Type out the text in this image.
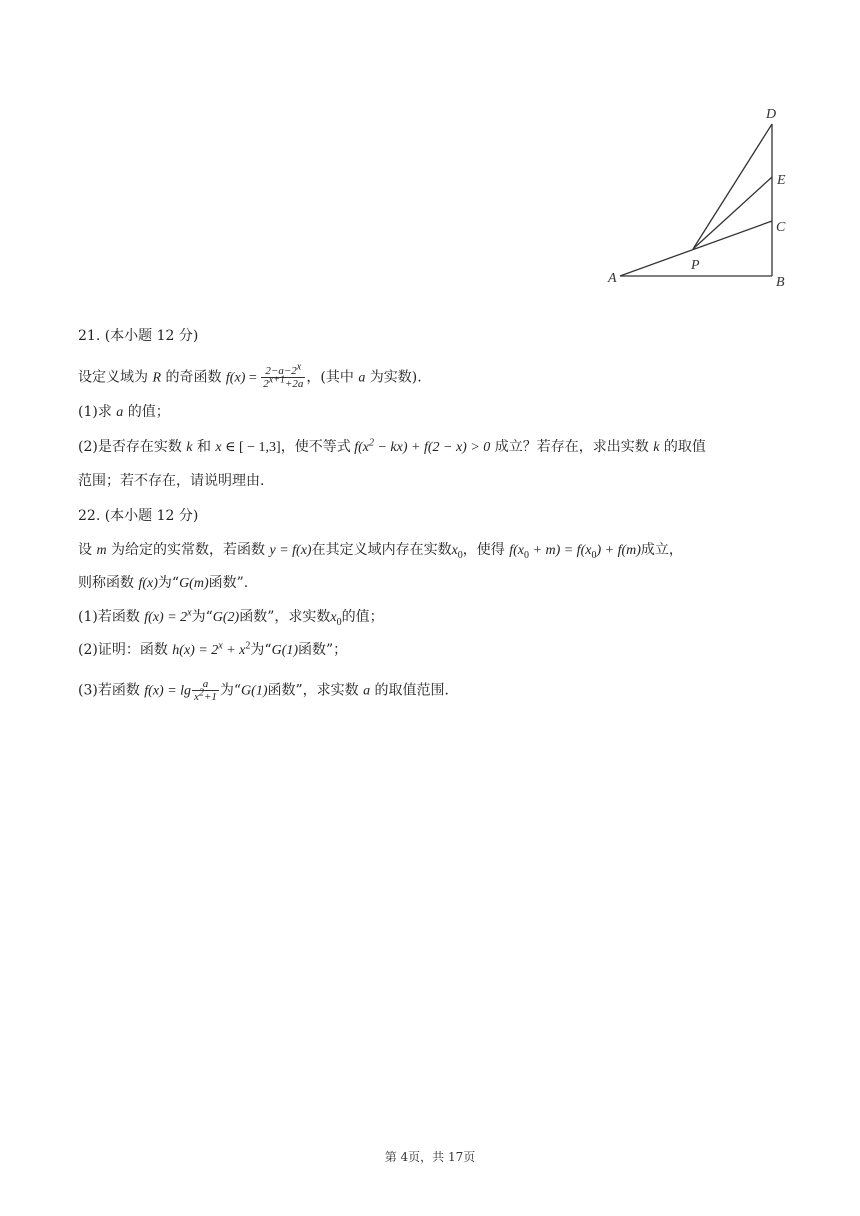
D
E
C
P
A	B
21. (本小题 12 分)
设定义域为 R 的奇函数 $f(x) = \frac{2-a-2^x}{2^{x+1}+2a}$ ，(其中 a 为实数).
(1)求 a 的值；
(2)是否存在实数 k 和 x ∈ [ − 1,3]，使不等式 $f(x^2 - kx) + f(2 - x) > 0$ 成立？若存在，求出实数 k 的取值
范围；若不存在，请说明理由.
22. (本小题 12 分)
设 m 为给定的实常数，若函数 y = f(x)在其定义域内存在实数$x_0$，使得 $f(x_0 + m) = f(x_0) + f(m)$成立，
则称函数 f(x)为“G(m)函数”.
(1)若函数 $f(x) = 2^x$为“G(2)函数”，求实数$x_0$的值；
(2)证明：函数 $h(x) = 2^x + x^2$为“G(1)函数”；
(3)若函数 $f(x) = \lg \frac{a}{x^2+1}$ 为“G(1)函数”，求实数 a 的取值范围.
第 4页，共 17页
